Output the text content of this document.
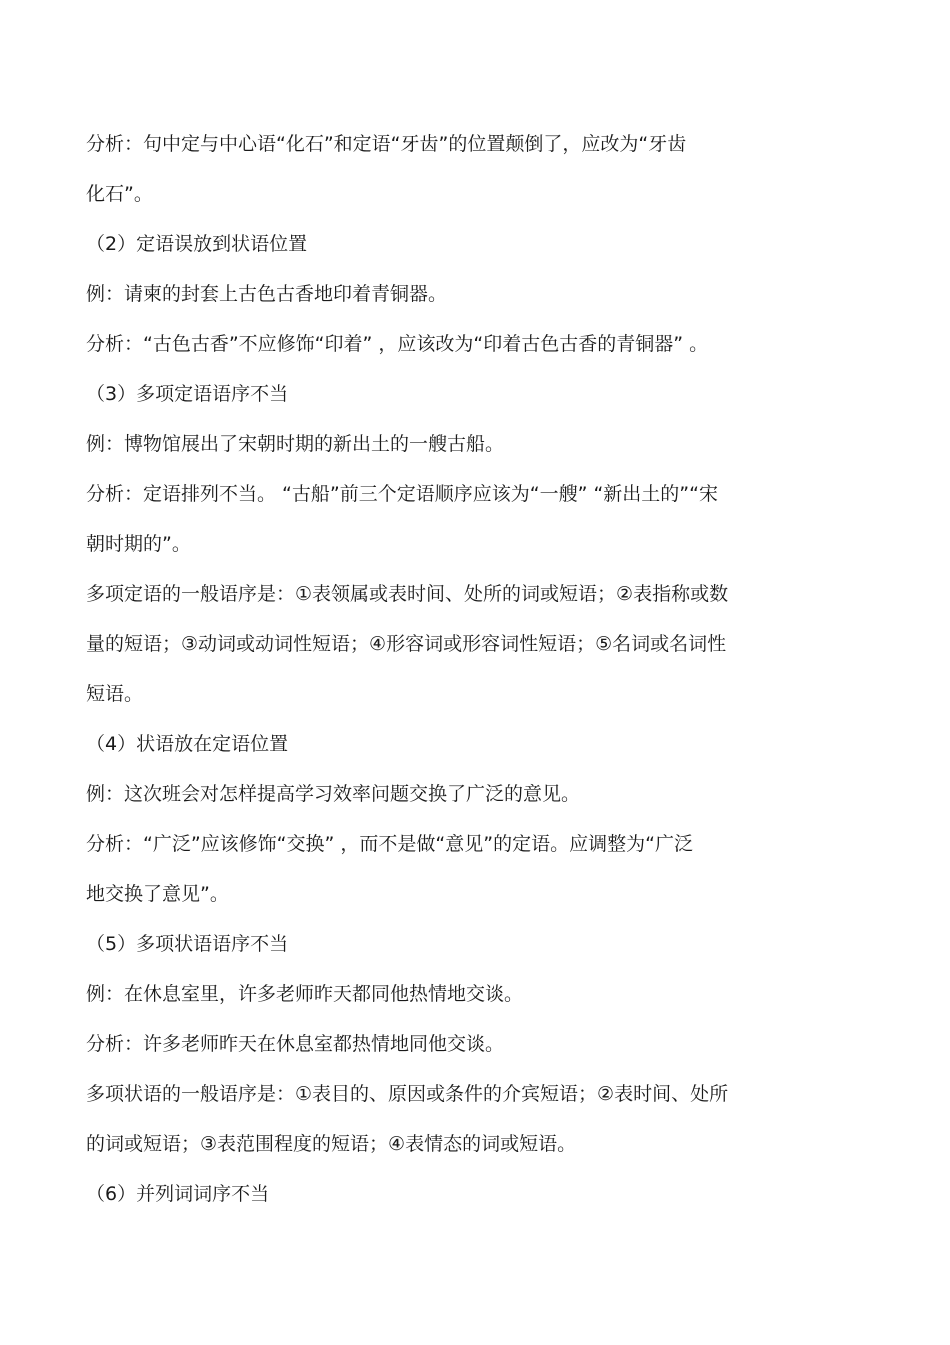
分析：句中定与中心语“化石”和定语“牙齿”的位置颠倒了，应改为“牙齿
化石”。
（2）定语误放到状语位置
例：请柬的封套上古色古香地印着青铜器。
分析：“古色古香”不应修饰“印着” ，应该改为“印着古色古香的青铜器” 。
（3）多项定语语序不当
例：博物馆展出了宋朝时期的新出土的一艘古船。
分析：定语排列不当。 “古船”前三个定语顺序应该为“一艘” “新出土的”“宋
朝时期的”。
多项定语的一般语序是：①表领属或表时间、处所的词或短语；②表指称或数
量的短语；③动词或动词性短语；④形容词或形容词性短语；⑤名词或名词性
短语。
（4）状语放在定语位置
例：这次班会对怎样提高学习效率问题交换了广泛的意见。
分析：“广泛”应该修饰“交换” ，而不是做“意见”的定语。应调整为“广泛
地交换了意见”。
（5）多项状语语序不当
例：在休息室里，许多老师昨天都同他热情地交谈。
分析：许多老师昨天在休息室都热情地同他交谈。
多项状语的一般语序是：①表目的、原因或条件的介宾短语；②表时间、处所
的词或短语；③表范围程度的短语；④表情态的词或短语。
（6）并列词词序不当
